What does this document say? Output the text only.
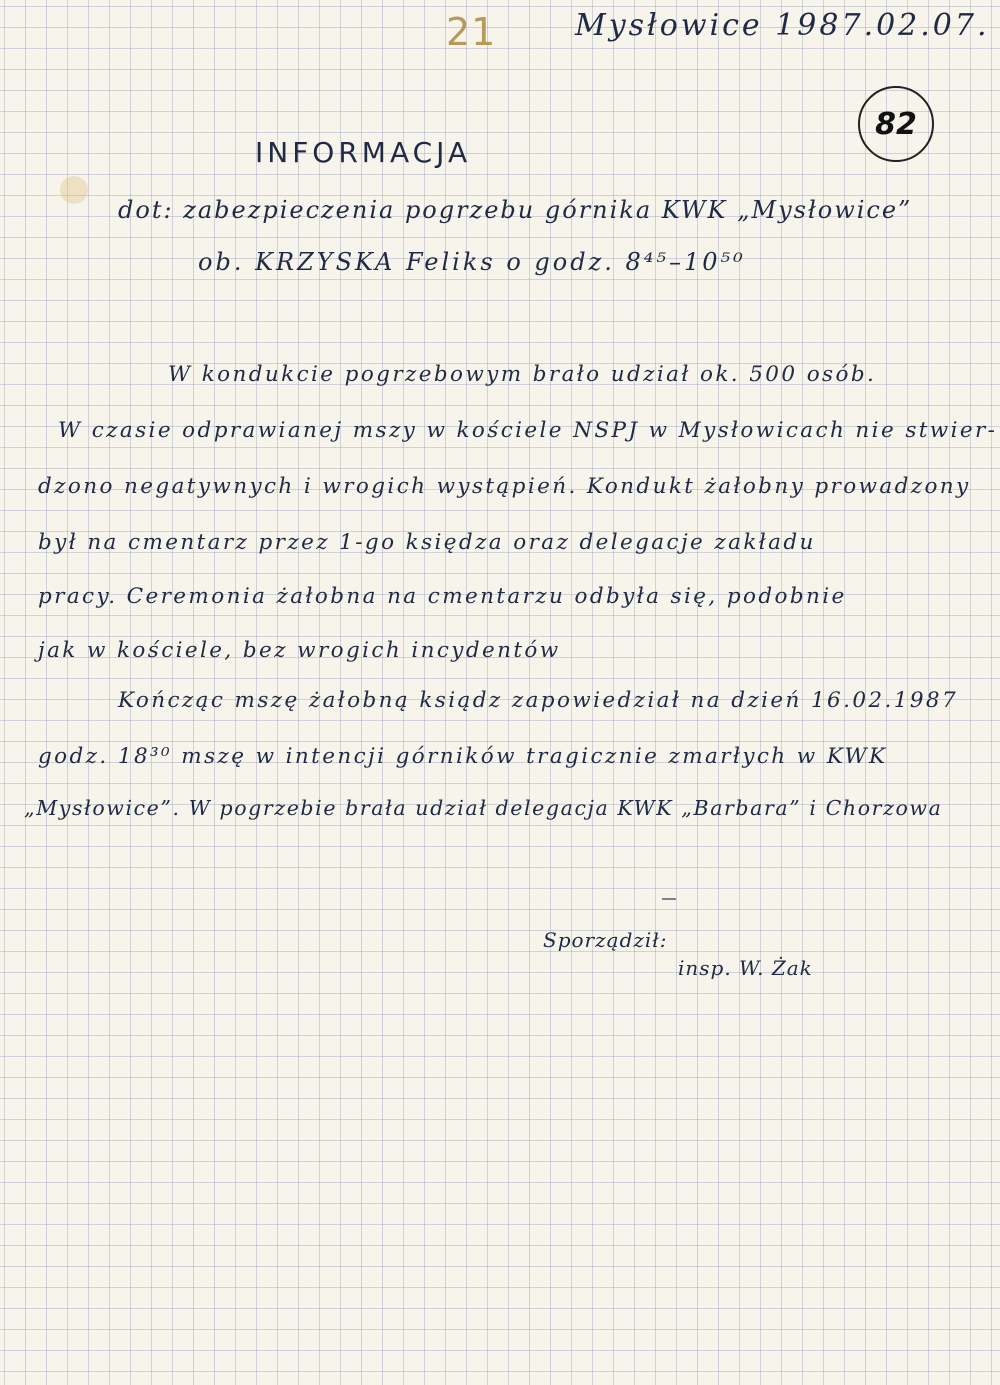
21	Mysłowice 1987.02.07.
82
INFORMACJA
dot: zabezpieczenia pogrzebu górnika KWK „Mysłowice”
ob. KRZYSKA Feliks o godz. 8⁴⁵–10⁵⁰
W kondukcie pogrzebowym brało udział ok. 500 osób.
W czasie odprawianej mszy w kościele NSPJ w Mysłowicach nie stwier-
dzono negatywnych i wrogich wystąpień. Kondukt żałobny prowadzony
był na cmentarz przez 1-go księdza oraz delegacje zakładu
pracy. Ceremonia żałobna na cmentarzu odbyła się, podobnie
jak w kościele, bez wrogich incydentów
Kończąc mszę żałobną ksiądz zapowiedział na dzień 16.02.1987
godz. 18³⁰ mszę w intencji górników tragicznie zmarłych w KWK
„Mysłowice”. W pogrzebie brała udział delegacja KWK „Barbara” i Chorzowa
Sporządził:
insp. W. Żak
